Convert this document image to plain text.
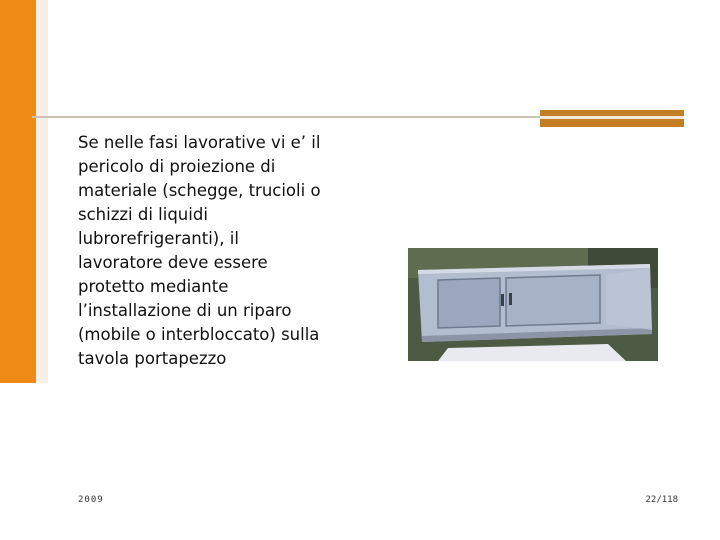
Se nelle fasi lavorative vi e’ il
pericolo di proiezione di
materiale (schegge, trucioli o
schizzi di liquidi
lubrorefrigeranti), il
lavoratore deve essere
protetto mediante
l’installazione di un riparo
(mobile o interbloccato) sulla
tavola portapezzo

2009	22/118
